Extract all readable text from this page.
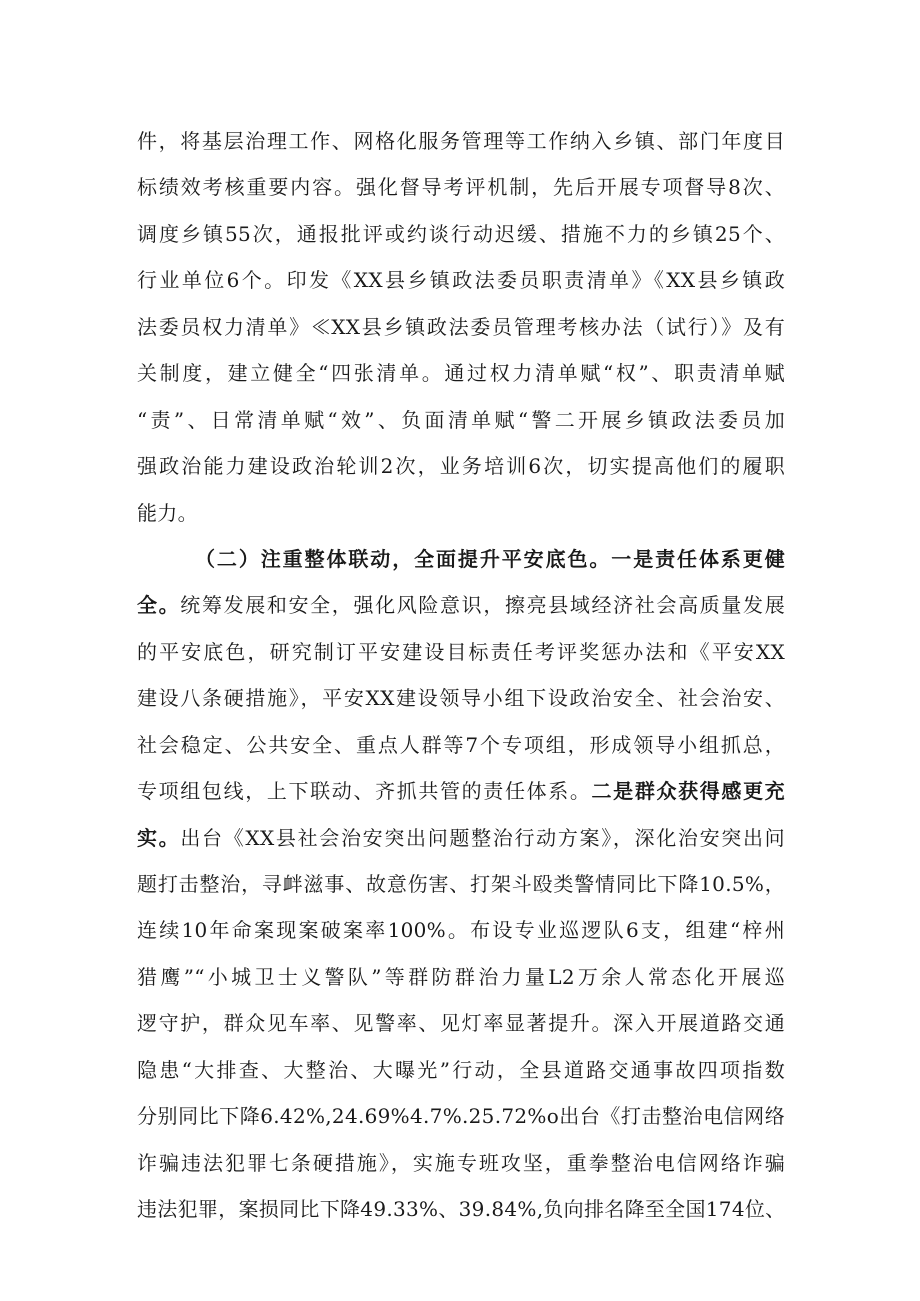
件，将基层治理工作、网格化服务管理等工作纳入乡镇、部门年度目
标绩效考核重要内容。强化督导考评机制，先后开展专项督导8次、
调度乡镇55次，通报批评或约谈行动迟缓、措施不力的乡镇25个、
行业单位6个。印发《XX县乡镇政法委员职责清单》《XX县乡镇政
法委员权力清单》≪XX县乡镇政法委员管理考核办法（试行）》及有
关制度，建立健全“四张清单。通过权力清单赋“权”、职责清单赋
“责”、日常清单赋“效”、负面清单赋“警二开展乡镇政法委员加
强政治能力建设政治轮训2次，业务培训6次，切实提高他们的履职
能力。
（二）注重整体联动，全面提升平安底色。一是责任体系更健
全。统筹发展和安全，强化风险意识，擦亮县域经济社会高质量发展
的平安底色，研究制订平安建设目标责任考评奖惩办法和《平安XX
建设八条硬措施》，平安XX建设领导小组下设政治安全、社会治安、
社会稳定、公共安全、重点人群等7个专项组，形成领导小组抓总，
专项组包线，上下联动、齐抓共管的责任体系。二是群众获得感更充
实。出台《XX县社会治安突出问题整治行动方案》，深化治安突出问
题打击整治，寻衅滋事、故意伤害、打架斗殴类警情同比下降10.5%，
连续10年命案现案破案率100%。布设专业巡逻队6支，组建“梓州
猎鹰”“小城卫士义警队”等群防群治力量L2万余人常态化开展巡
逻守护，群众见车率、见警率、见灯率显著提升。深入开展道路交通
隐患“大排查、大整治、大曝光”行动，全县道路交通事故四项指数
分别同比下降6.42%,24.69%4.7%.25.72%o出台《打击整治电信网络
诈骗违法犯罪七条硬措施》，实施专班攻坚，重拳整治电信网络诈骗
违法犯罪，案损同比下降49.33%、39.84%,负向排名降至全国174位、
